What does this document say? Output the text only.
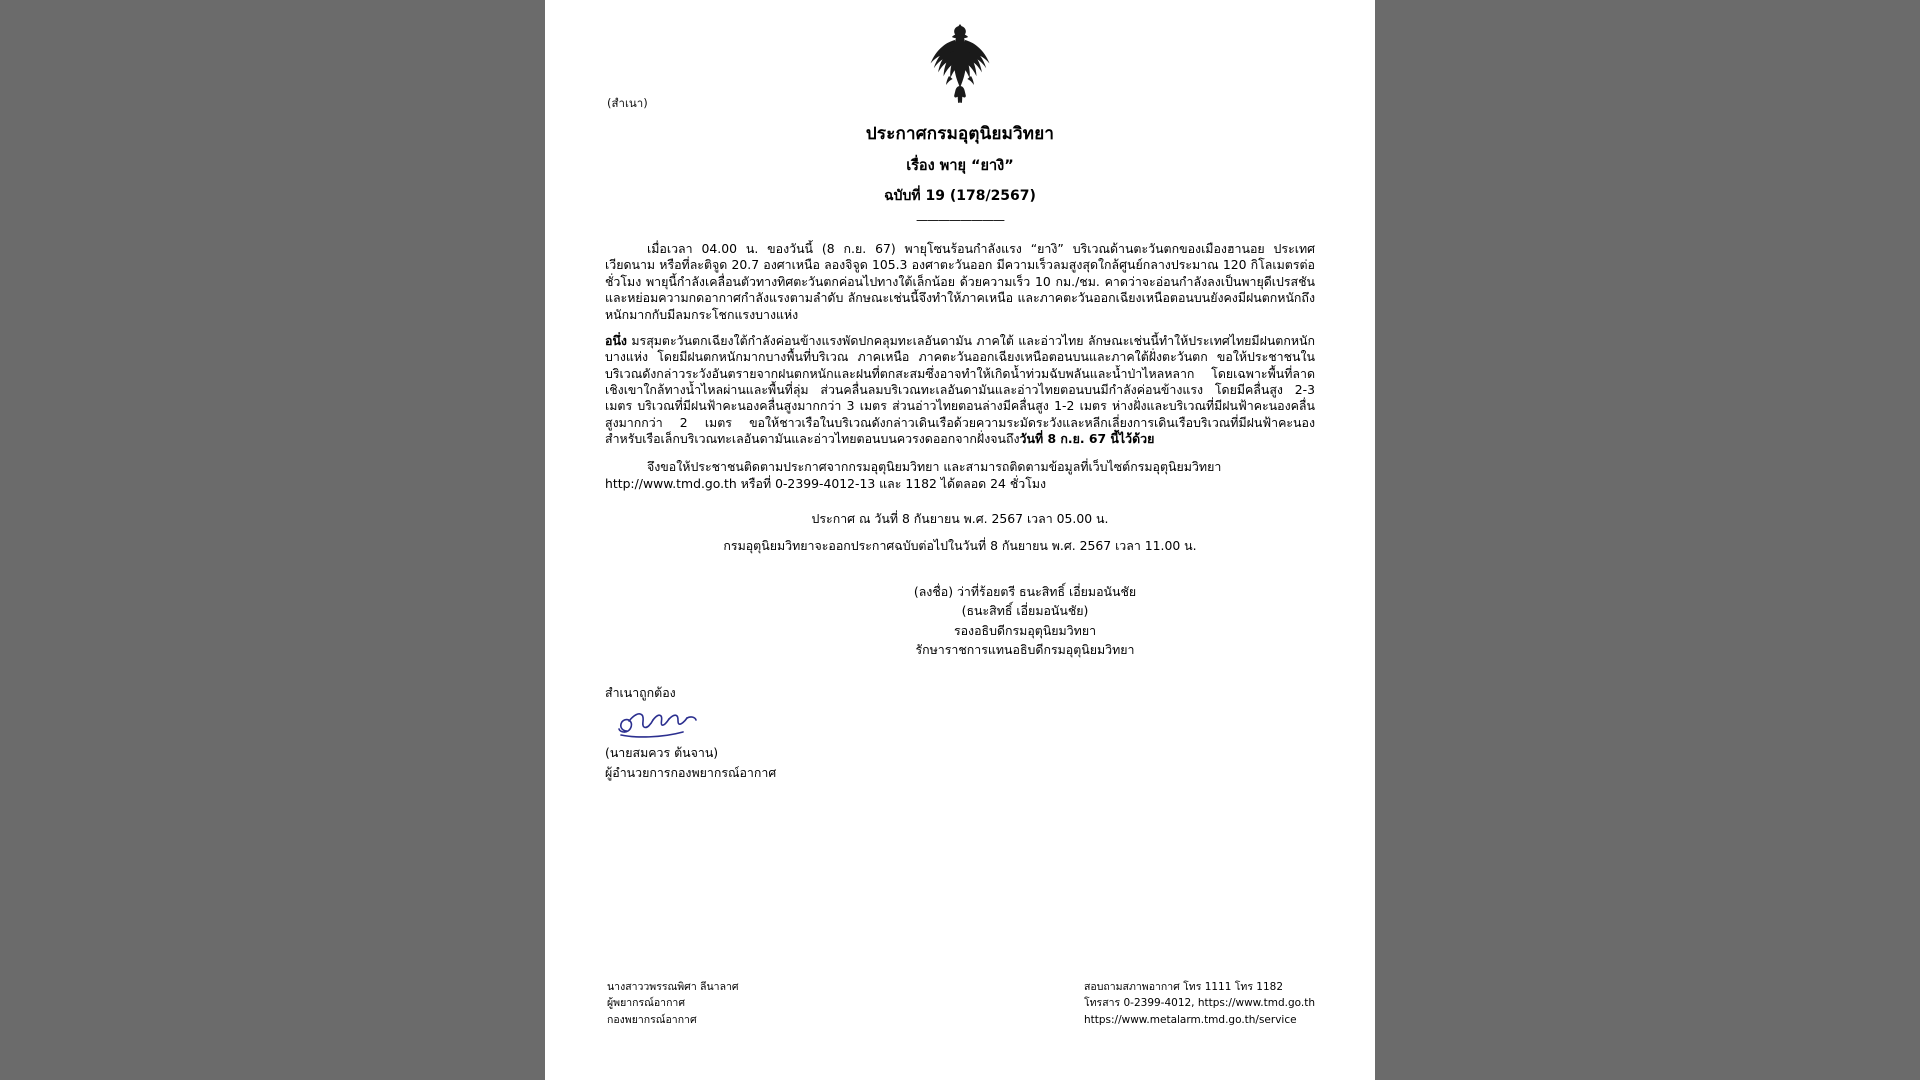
(สำเนา)
ประกาศกรมอุตุนิยมวิทยา
เรื่อง พายุ “ยางิ”
ฉบับที่ 19 (178/2567)
————————

เมื่อเวลา 04.00 น. ของวันนี้ (8 ก.ย. 67) พายุโซนร้อนกำลังแรง “ยางิ” บริเวณด้านตะวันตกของเมืองฮานอย ประเทศเวียดนาม หรือที่ละติจูด 20.7 องศาเหนือ ลองจิจูด 105.3 องศาตะวันออก มีความเร็วลมสูงสุดใกล้ศูนย์กลางประมาณ 120 กิโลเมตรต่อชั่วโมง พายุนี้กำลังเคลื่อนตัวทางทิศตะวันตกค่อนไปทางใต้เล็กน้อย ด้วยความเร็ว 10 กม./ชม. คาดว่าจะอ่อนกำลังลงเป็นพายุดีเปรสชันและหย่อมความกดอากาศกำลังแรงตามลำดับ ลักษณะเช่นนี้จึงทำให้ภาคเหนือ และภาคตะวันออกเฉียงเหนือตอนบนยังคงมีฝนตกหนักถึงหนักมากกับมีลมกระโชกแรงบางแห่ง

อนึ่ง มรสุมตะวันตกเฉียงใต้กำลังค่อนข้างแรงพัดปกคลุมทะเลอันดามัน ภาคใต้ และอ่าวไทย ลักษณะเช่นนี้ทำให้ประเทศไทยมีฝนตกหนักบางแห่ง โดยมีฝนตกหนักมากบางพื้นที่บริเวณ ภาคเหนือ ภาคตะวันออกเฉียงเหนือตอนบนและภาคใต้ฝั่งตะวันตก ขอให้ประชาชนในบริเวณดังกล่าวระวังอันตรายจากฝนตกหนักและฝนที่ตกสะสมซึ่งอาจทำให้เกิดน้ำท่วมฉับพลันและน้ำป่าไหลหลาก โดยเฉพาะพื้นที่ลาดเชิงเขาใกล้ทางน้ำไหลผ่านและพื้นที่ลุ่ม ส่วนคลื่นลมบริเวณทะเลอันดามันและอ่าวไทยตอนบนมีกำลังค่อนข้างแรง โดยมีคลื่นสูง 2-3 เมตร บริเวณที่มีฝนฟ้าคะนองคลื่นสูงมากกว่า 3 เมตร ส่วนอ่าวไทยตอนล่างมีคลื่นสูง 1-2 เมตร ห่างฝั่งและบริเวณที่มีฝนฟ้าคะนองคลื่นสูงมากกว่า 2 เมตร ขอให้ชาวเรือในบริเวณดังกล่าวเดินเรือด้วยความระมัดระวังและหลีกเลี่ยงการเดินเรือบริเวณที่มีฝนฟ้าคะนอง สำหรับเรือเล็กบริเวณทะเลอันดามันและอ่าวไทยตอนบนควรงดออกจากฝั่งจนถึงวันที่ 8 ก.ย. 67 นี้ไว้ด้วย

จึงขอให้ประชาชนติดตามประกาศจากกรมอุตุนิยมวิทยา และสามารถติดตามข้อมูลที่เว็บไซต์กรมอุตุนิยมวิทยา
http://www.tmd.go.th หรือที่ 0-2399-4012-13 และ 1182 ได้ตลอด 24 ชั่วโมง
ประกาศ ณ วันที่ 8 กันยายน พ.ศ. 2567 เวลา 05.00 น.
กรมอุตุนิยมวิทยาจะออกประกาศฉบับต่อไปในวันที่ 8 กันยายน พ.ศ. 2567 เวลา 11.00 น.
(ลงชื่อ) ว่าที่ร้อยตรี ธนะสิทธิ์ เอี่ยมอนันชัย
(ธนะสิทธิ์ เอี่ยมอนันชัย)
รองอธิบดีกรมอุตุนิยมวิทยา
รักษาราชการแทนอธิบดีกรมอุตุนิยมวิทยา
สำเนาถูกต้อง
(นายสมควร ต้นจาน)
ผู้อำนวยการกองพยากรณ์อากาศ
นางสาววพรรณพิศา ลีนาลาศ
ผู้พยากรณ์อากาศ
กองพยากรณ์อากาศ
สอบถามสภาพอากาศ โทร 1111 โทร 1182
โทรสาร 0-2399-4012, https://www.tmd.go.th
https://www.metalarm.tmd.go.th/service
